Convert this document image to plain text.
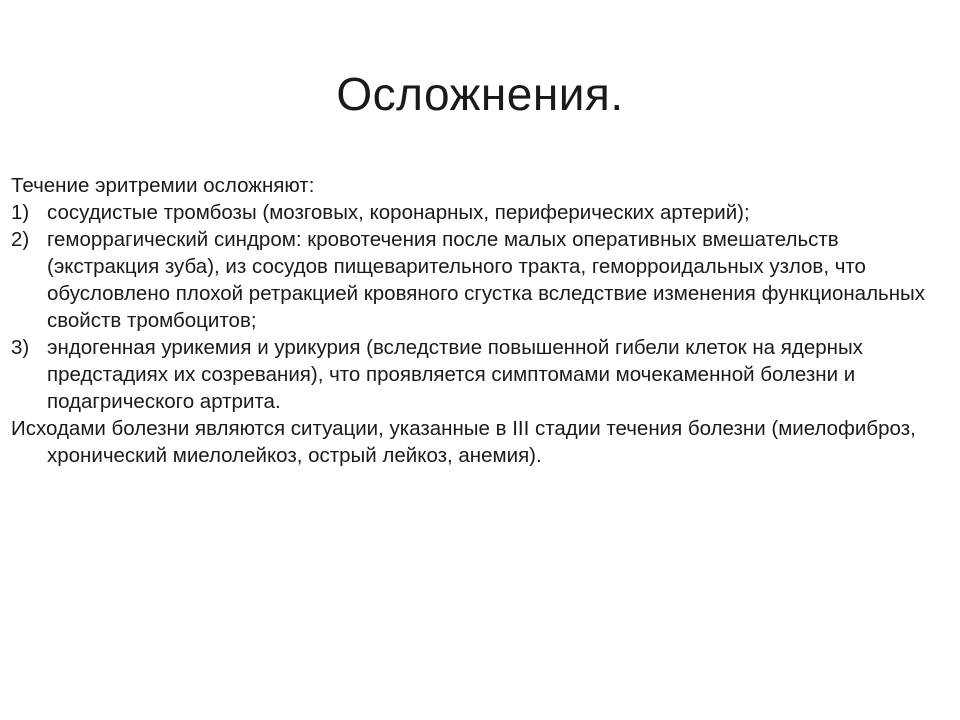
Осложнения.

Течение эритремии осложняют:

1) сосудистые тромбозы (мозговых, коронарных, периферических артерий);
2) геморрагический синдром: кровотечения после малых оперативных вмешательств (экстракция зуба), из сосудов пищеварительного тракта, геморроидальных узлов, что обусловлено плохой ретракцией кровяного сгустка вследствие изменения функциональных свойств тромбоцитов;
3) эндогенная урикемия и урикурия (вследствие повышенной гибели клеток на ядерных предстадиях их созревания), что проявляется симптомами мочекаменной болезни и подагрического артрита.

Исходами болезни являются ситуации, указанные в III стадии течения болезни (миелофиброз, хронический миелолейкоз, острый лейкоз, анемия).
